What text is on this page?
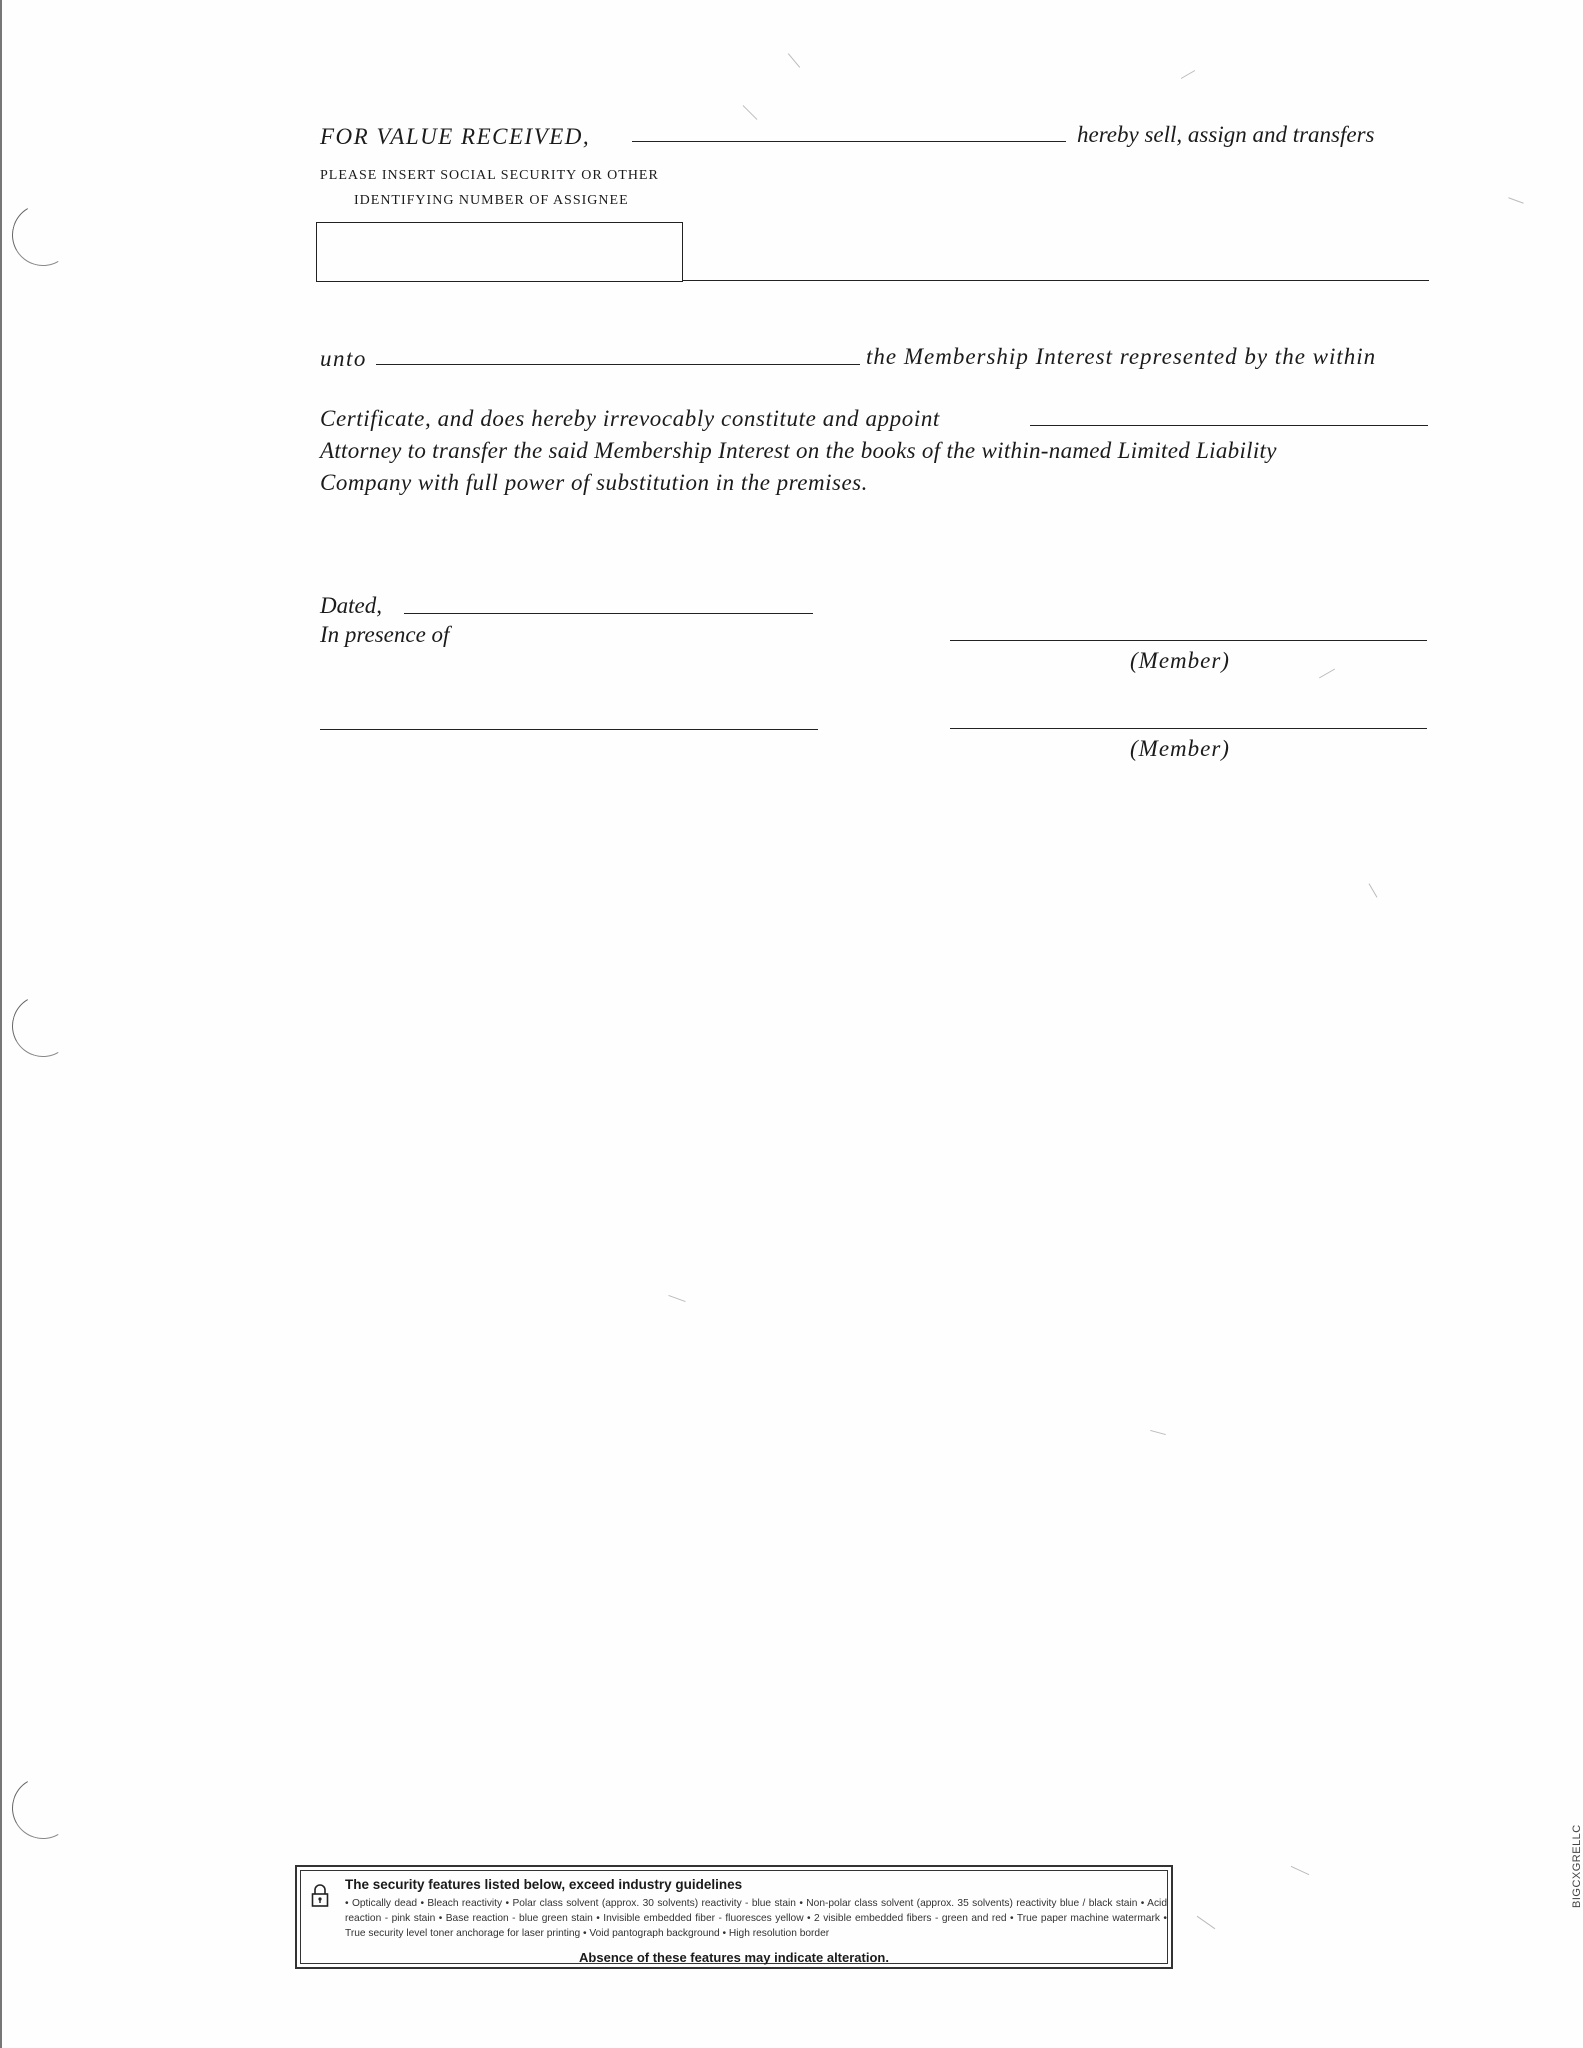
FOR VALUE RECEIVED,	hereby sell, assign and transfers
PLEASE INSERT SOCIAL SECURITY OR OTHER
IDENTIFYING NUMBER OF ASSIGNEE
unto	the Membership Interest represented by the within
Certificate, and does hereby irrevocably constitute and appoint
Attorney to transfer the said Membership Interest on the books of the within-named Limited Liability
Company with full power of substitution in the premises.
Dated,
In presence of
(Member)
(Member)
The security features listed below, exceed industry guidelines
• Optically dead • Bleach reactivity • Polar class solvent (approx. 30 solvents) reactivity - blue stain • Non-polar class solvent (approx. 35 solvents) reactivity blue / black stain • Acid reaction - pink stain • Base reaction - blue green stain • Invisible embedded fiber - fluoresces yellow • 2 visible embedded fibers - green and red • True paper machine watermark • True security level toner anchorage for laser printing • Void pantograph background • High resolution border
Absence of these features may indicate alteration.
BIGCXGRELLC
